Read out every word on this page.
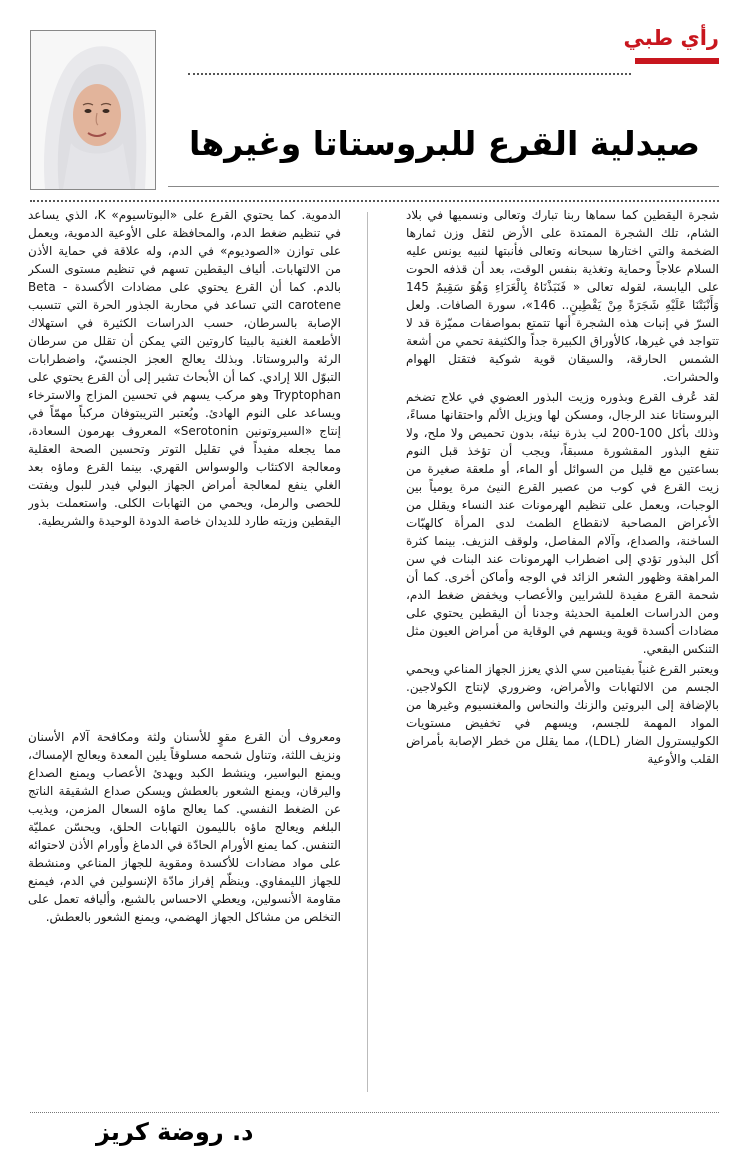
رأي طبي
صيدلية القرع للبروستاتا وغيرها

شجرة اليقطين كما سماها ربنا تبارك وتعالى ونسميها في بلاد الشام، تلك الشجرة الممتدة على الأرض لثقل وزن ثمارها الضخمة والتي اختارها سبحانه وتعالى فأنبتها لنبيه يونس عليه السلام علاجاً وحماية وتغذية بنفس الوقت، بعد أن قذفه الحوت على اليابسة، لقوله تعالى « فَنَبَذْنَاهُ بِالْعَرَاءِ وَهُوَ سَقِيمٌ 145 وَأَنْبَتْنَا عَلَيْهِ شَجَرَةً مِنْ يَقْطِينٍ.. 146»، سورة الصافات. ولعل السرّ في إنبات هذه الشجرة أنها تتمتع بمواصفات مميّزة قد لا تتواجد في غيرها، كالأوراق الكبيرة جداً والكثيفة تحمي من أشعة الشمس الحارقة، والسيقان قوية شوكية فتقتل الهوام والحشرات.

لقد عُرف القرع وبذوره وزيت البذور العضوي في علاج تضخم البروستاتا عند الرجال، ومسكن لها ويزيل الألم واحتقانها مساءً، وذلك بأكل 100-200 لب بذرة نيئة، بدون تحميص ولا ملح، ولا تنفع البذور المقشورة مسبقاً، ويجب أن تؤخذ قبل النوم بساعتين مع قليل من السوائل أو الماء، أو ملعقة صغيرة من زيت القرع في كوب من عصير القرع النيئ مرة يومياً بين الوجبات، ويعمل على تنظيم الهرمونات عند النساء ويقلل من الأعراض المصاحبة لانقطاع الطمث لدى المرأة كالهبّات الساخنة، والصداع، وآلام المفاصل، ولوقف النزيف. بينما كثرة أكل البذور تؤدي إلى اضطراب الهرمونات عند البنات في سن المراهقة وظهور الشعر الزائد في الوجه وأماكن أخرى. كما أن شحمة القرع مفيدة للشرايين والأعصاب ويخفض ضغط الدم، ومن الدراسات العلمية الحديثة وجدنا أن اليقطين يحتوي على مضادات أكسدة قوية ويسهم في الوقاية من أمراض العيون مثل التنكس البقعي.

ويعتبر القرع غنياً بفيتامين سي الذي يعزز الجهاز المناعي ويحمي الجسم من الالتهابات والأمراض، وضروري لإنتاج الكولاجين. بالإضافة إلى البروتين والزنك والنحاس والمغنسيوم وغيرها من المواد المهمة للجسم، ويسهم في تخفيض مستويات الكوليسترول الضار (LDL)، مما يقلل من خطر الإصابة بأمراض القلب والأوعية

الدموية. كما يحتوي القرع على «البوتاسيوم» K، الذي يساعد في تنظيم ضغط الدم، والمحافظة على الأوعية الدموية، ويعمل على توازن «الصوديوم» في الدم، وله علاقة في حماية الأذن من الالتهابات. ألياف اليقطين تسهم في تنظيم مستوى السكر بالدم. كما أن القرع يحتوي على مضادات الأكسدة Beta -carotene التي تساعد في محاربة الجذور الحرة التي تتسبب الإصابة بالسرطان، حسب الدراسات الكثيرة في استهلاك الأطعمة الغنية بالبيتا كاروتين التي يمكن أن تقلل من سرطان الرئة والبروستاتا. وبذلك يعالج العجز الجنسيّ، واضطرابات التبوّل اللا إرادي. كما أن الأبحاث تشير إلى أن القرع يحتوي على Tryptophan وهو مركب يسهم في تحسين المزاج والاسترخاء ويساعد على النوم الهادئ. ويُعتبر التريبتوفان مركباً مهمّاً في إنتاج «السيروتونين Serotonin» المعروف بهرمون السعادة، مما يجعله مفيداً في تقليل التوتر وتحسين الصحة العقلية ومعالجة الاكتئاب والوسواس القهري. بينما القرع وماؤه بعد الغلي ينفع لمعالجة أمراض الجهاز البولي فيدر للبول ويفتت للحصى والرمل، ويحمي من التهابات الكلى. واستعملت بذور اليقطين وزيته طارد للديدان خاصة الدودة الوحيدة والشريطية.

ومعروف أن القرع مقوٍ للأسنان ولثة ومكافحة آلام الأسنان ونزيف اللثة، وتناول شحمه مسلوقاً يلين المعدة ويعالج الإمساك، ويمنع البواسير، وينشط الكبد ويهدئ الأعصاب ويمنع الصداع واليرقان، ويمنع الشعور بالعطش ويسكن صداع الشقيقة الناتج عن الضغط النفسي. كما يعالج ماؤه السعال المزمن، ويذيب البلغم ويعالج ماؤه بالليمون التهابات الحلق، ويحسّن عمليّة التنفس. كما يمنع الأورام الحادّة في الدماغ وأورام الأذن لاحتوائه على مواد مضادات للأكسدة ومقوية للجهاز المناعي ومنشطة للجهاز الليمفاوي. وينظّم إفراز مادّة الإنسولين في الدم، فيمنع مقاومة الأنسولين، ويعطي الاحساس بالشبع، وأليافه تعمل على التخلص من مشاكل الجهاز الهضمي، ويمنع الشعور بالعطش.

د. روضة كريز
